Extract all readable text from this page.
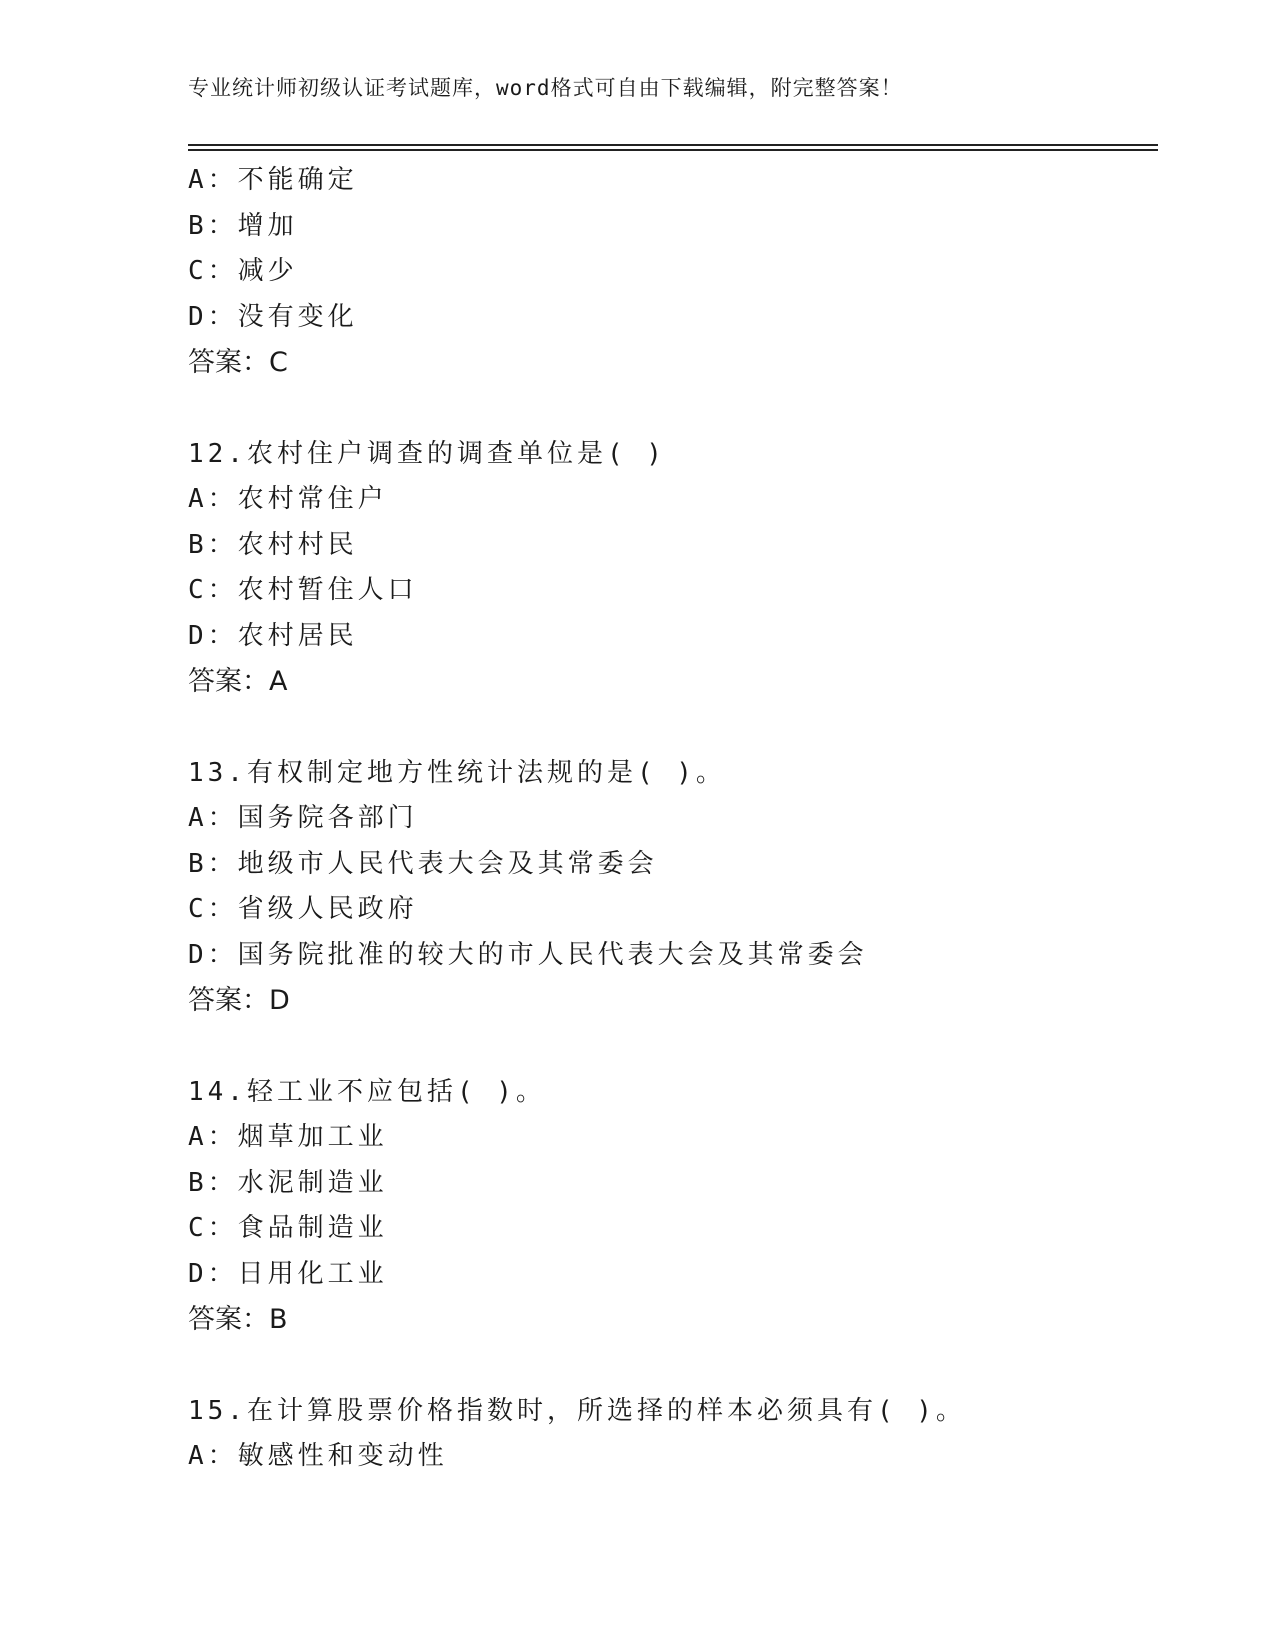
专业统计师初级认证考试题库，word格式可自由下载编辑，附完整答案！
A：不能确定
B：增加
C：减少
D：没有变化
答案：C
12.农村住户调查的调查单位是( )
A：农村常住户
B：农村村民
C：农村暂住人口
D：农村居民
答案：A
13.有权制定地方性统计法规的是( )。
A：国务院各部门
B：地级市人民代表大会及其常委会
C：省级人民政府
D：国务院批准的较大的市人民代表大会及其常委会
答案：D
14.轻工业不应包括( )。
A：烟草加工业
B：水泥制造业
C：食品制造业
D：日用化工业
答案：B
15.在计算股票价格指数时，所选择的样本必须具有( )。
A：敏感性和变动性
